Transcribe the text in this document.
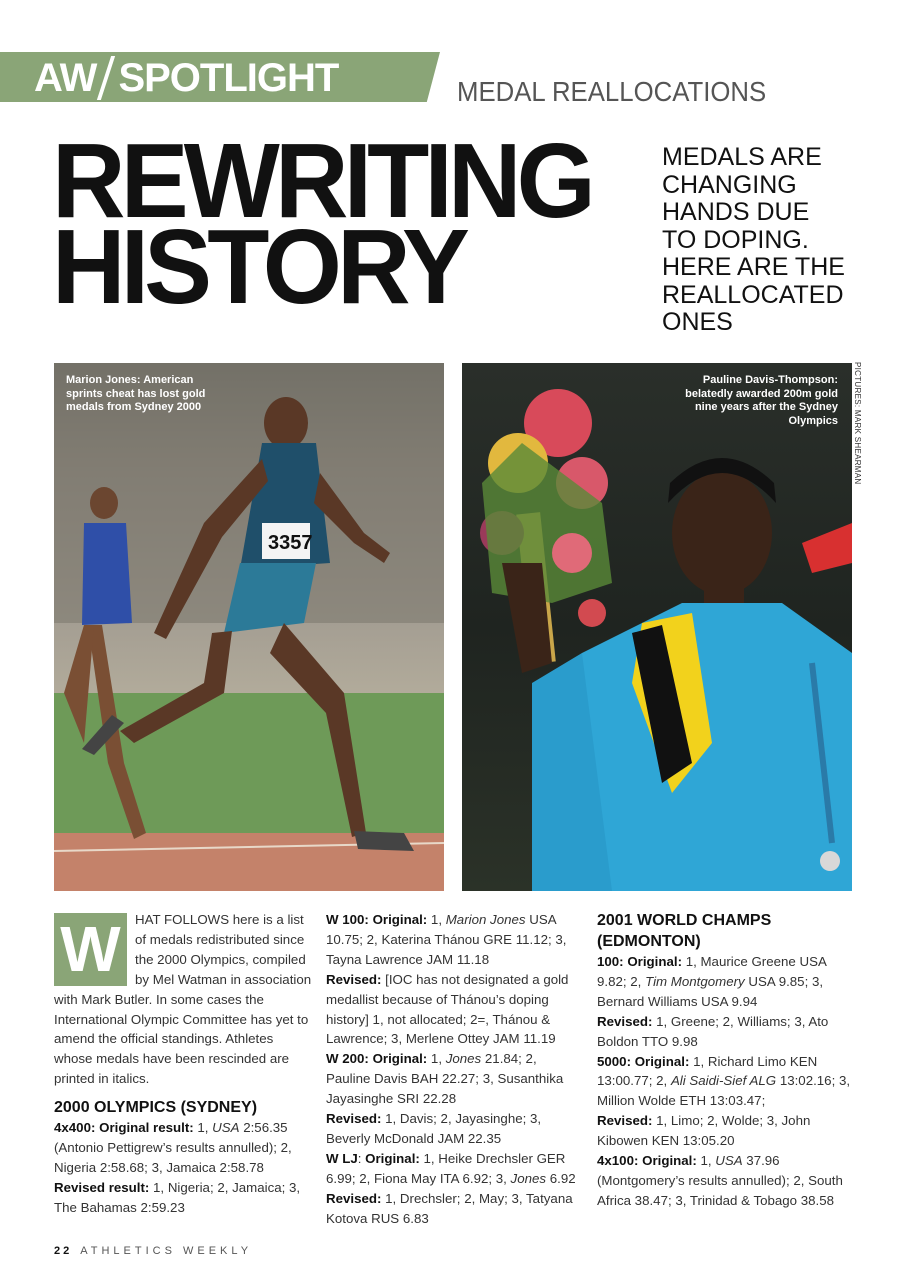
AW SPOTLIGHT	MEDAL REALLOCATIONS
REWRITING
HISTORY
MEDALS ARE
CHANGING
HANDS DUE
TO DOPING.
HERE ARE THE
REALLOCATED
ONES
3357
Marion Jones: American sprints cheat has lost gold medals from Sydney 2000
Pauline Davis-Thompson: belatedly awarded 200m gold nine years after the Sydney Olympics PICTURES: MARK SHEARMAN
W	HAT FOLLOWS here is a list of medals redistributed since the 2000 Olympics, compiled by Mel Watman in association with Mark Butler. In some cases the International Olympic Committee has yet to amend the official standings. Athletes whose medals have been rescinded are printed in italics.

2000 OLYMPICS (SYDNEY)

4x400: Original result: 1, USA 2:56.35 (Antonio Pettigrew’s results annulled); 2, Nigeria 2:58.68; 3, Jamaica 2:58.78

Revised result: 1, Nigeria; 2, Jamaica; 3, The Bahamas 2:59.23

W 100: Original: 1, Marion Jones USA 10.75; 2, Katerina Thánou GRE 11.12; 3, Tayna Lawrence JAM 11.18

Revised: [IOC has not designated a gold medallist because of Thánou’s doping history] 1, not allocated; 2=, Thánou & Lawrence; 3, Merlene Ottey JAM 11.19

W 200: Original: 1, Jones 21.84; 2, Pauline Davis BAH 22.27; 3, Susanthika Jayasinghe SRI 22.28

Revised: 1, Davis; 2, Jayasinghe; 3, Beverly McDonald JAM 22.35

W LJ: Original: 1, Heike Drechsler GER 6.99; 2, Fiona May ITA 6.92; 3, Jones 6.92

Revised: 1, Drechsler; 2, May; 3, Tatyana Kotova RUS 6.83

2001 WORLD CHAMPS (EDMONTON)

100: Original: 1, Maurice Greene USA 9.82; 2, Tim Montgomery USA 9.85; 3, Bernard Williams USA 9.94

Revised: 1, Greene; 2, Williams; 3, Ato Boldon TTO 9.98

5000: Original: 1, Richard Limo KEN 13:00.77; 2, Ali Saidi-Sief ALG 13:02.16; 3, Million Wolde ETH 13:03.47;

Revised: 1, Limo; 2, Wolde; 3, John Kibowen KEN 13:05.20

4x100: Original: 1, USA 37.96 (Montgomery’s results annulled); 2, South Africa 38.47; 3, Trinidad & Tobago 38.58

22 ATHLETICS WEEKLY
